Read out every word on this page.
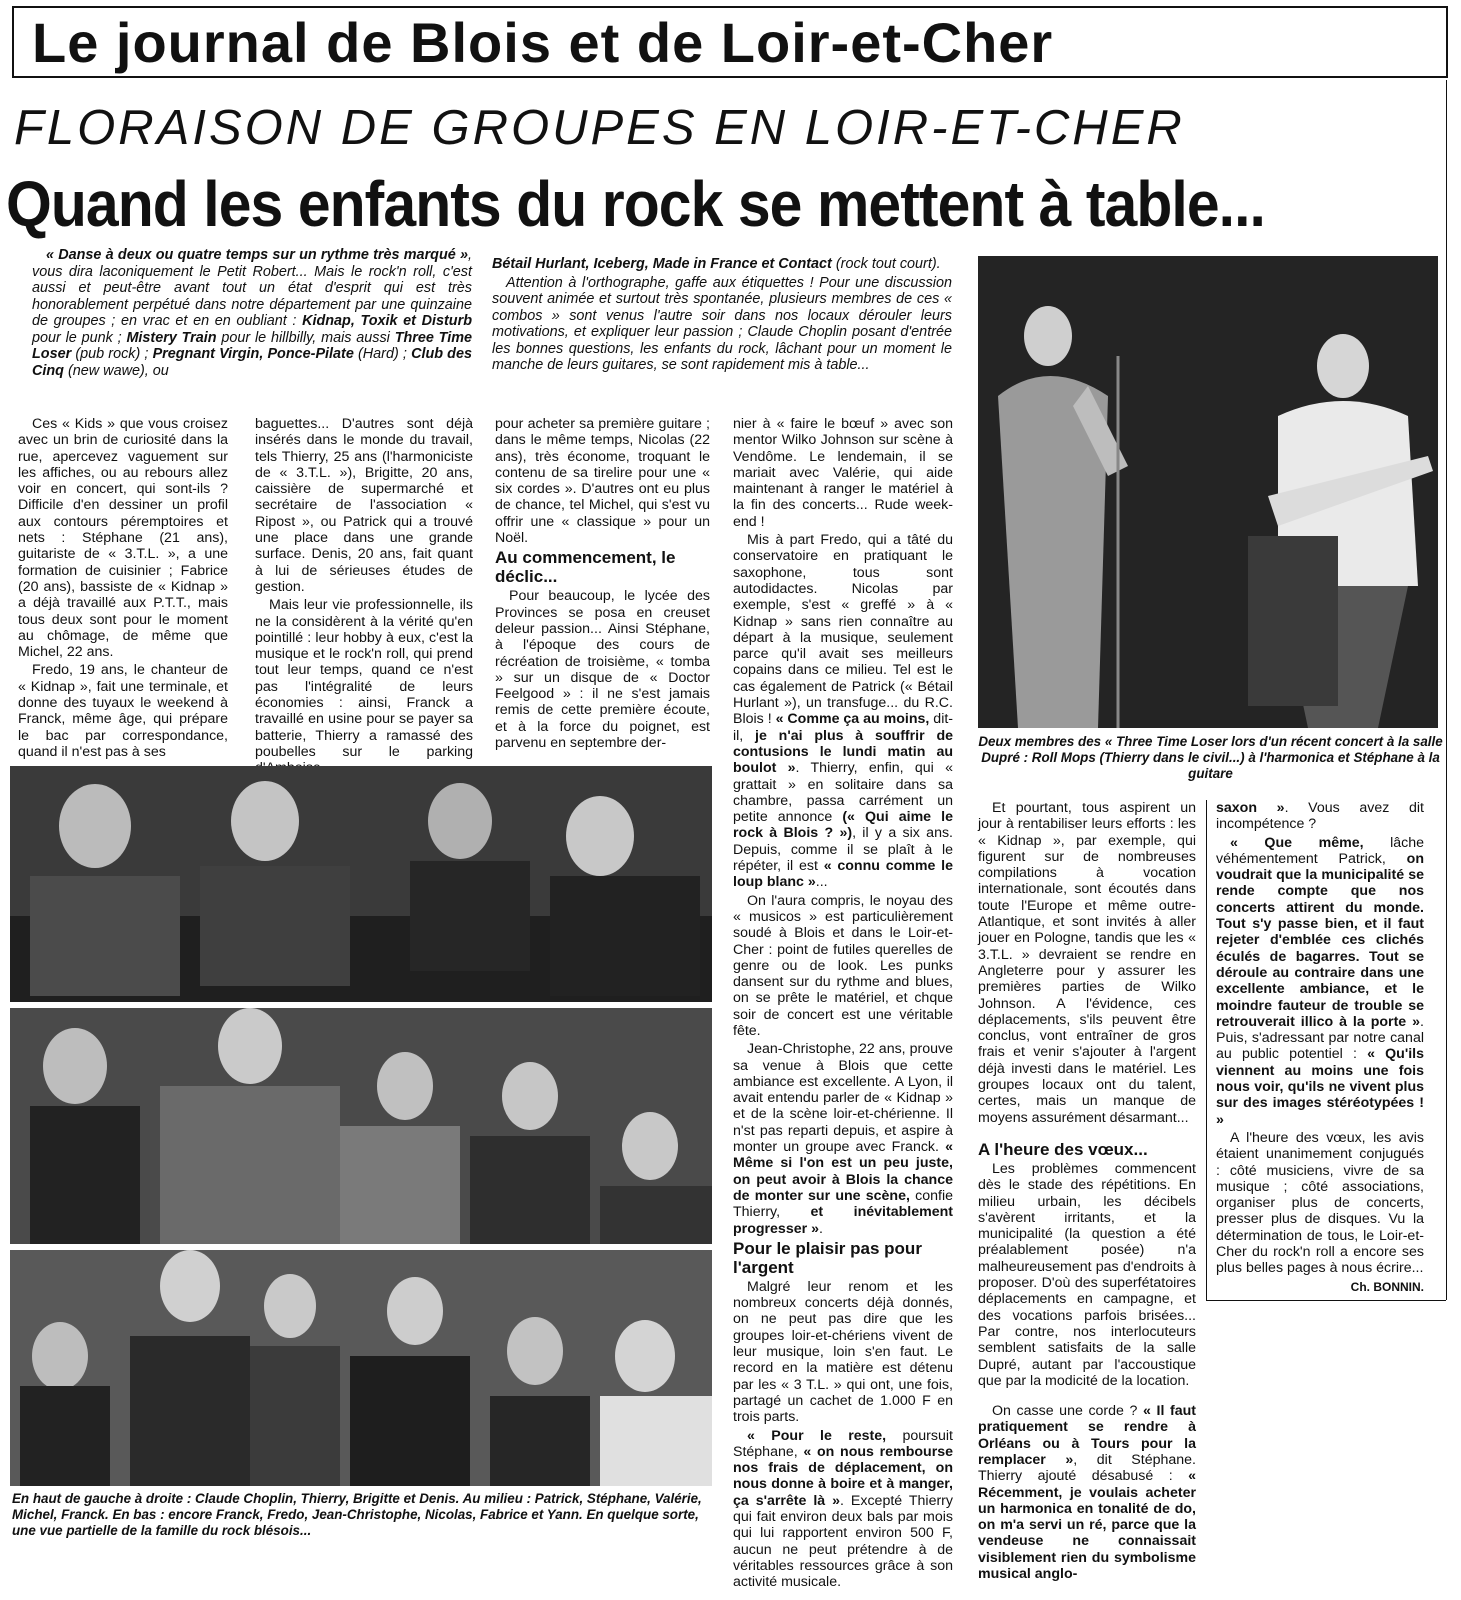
Le journal de Blois et de Loir-et-Cher
FLORAISON DE GROUPES EN LOIR-ET-CHER
Quand les enfants du rock se mettent à table...

« Danse à deux ou quatre temps sur un rythme très marqué », vous dira laconiquement le Petit Robert... Mais le rock'n roll, c'est aussi et peut-être avant tout un état d'esprit qui est très honorablement perpétué dans notre département par une quinzaine de groupes ; en vrac et en en oubliant : Kidnap, Toxik et Disturb pour le punk ; Mistery Train pour le hillbilly, mais aussi Three Time Loser (pub rock) ; Pregnant Virgin, Ponce-Pilate (Hard) ; Club des Cinq (new wawe), ou

Bétail Hurlant, Iceberg, Made in France et Contact (rock tout court).

Attention à l'orthographe, gaffe aux étiquettes ! Pour une discussion souvent animée et surtout très spontanée, plusieurs membres de ces « combos » sont venus l'autre soir dans nos locaux dérouler leurs motivations, et expliquer leur passion ; Claude Choplin posant d'entrée les bonnes questions, les enfants du rock, lâchant pour un moment le manche de leurs guitares, se sont rapidement mis à table...

Ces « Kids » que vous croisez avec un brin de curiosité dans la rue, apercevez vaguement sur les affiches, ou au rebours allez voir en concert, qui sont-ils ? Difficile d'en dessiner un profil aux contours péremptoires et nets : Stéphane (21 ans), guitariste de « 3.T.L. », a une formation de cuisinier ; Fabrice (20 ans), bassiste de « Kidnap » a déjà travaillé aux P.T.T., mais tous deux sont pour le moment au chômage, de même que Michel, 22 ans.

Fredo, 19 ans, le chanteur de « Kidnap », fait une terminale, et donne des tuyaux le weekend à Franck, même âge, qui prépare le bac par correspondance, quand il n'est pas à ses

baguettes... D'autres sont déjà insérés dans le monde du travail, tels Thierry, 25 ans (l'harmoniciste de « 3.T.L. »), Brigitte, 20 ans, caissière de supermarché et secrétaire de l'association « Ripost », ou Patrick qui a trouvé une place dans une grande surface. Denis, 20 ans, fait quant à lui de sérieuses études de gestion.

Mais leur vie professionnelle, ils ne la considèrent à la vérité qu'en pointillé : leur hobby à eux, c'est la musique et le rock'n roll, qui prend tout leur temps, quand ce n'est pas l'intégralité de leurs économies : ainsi, Franck a travaillé en usine pour se payer sa batterie, Thierry a ramassé des poubelles sur le parking

pour acheter sa première guitare ; dans le même temps, Nicolas (22 ans), très économe, troquant le contenu de sa tirelire pour une « six cordes ». D'autres ont eu plus de chance, tel Michel, qui s'est vu offrir une « classique » pour un Noël.

Au commencement, le déclic...

Pour beaucoup, le lycée des Provinces se posa en creuset deleur passion... Ainsi Stéphane, à l'époque des cours de récréation de troisième, « tomba » sur un disque de « Doctor Feelgood » : il ne s'est jamais remis de cette première écoute, et à la force du poignet, est parvenu en septembre der-

nier à « faire le bœuf » avec son mentor Wilko Johnson sur scène à Vendôme. Le lendemain, il se mariait avec Valérie, qui aide maintenant à ranger le matériel à la fin des concerts... Rude week-end !

Mis à part Fredo, qui a tâté du conservatoire en pratiquant le saxophone, tous sont autodidactes. Nicolas par exemple, s'est « greffé » à « Kidnap » sans rien connaître au départ à la musique, seulement parce qu'il avait ses meilleurs copains dans ce milieu. Tel est le cas également de Patrick (« Bétail Hurlant »), un transfuge... du R.C. Blois ! « Comme ça au moins, dit-il, je n'ai plus à souffrir de contusions le lundi matin au boulot ». Thierry, enfin, qui « grattait » en solitaire dans sa chambre, passa carrément un petite annonce (« Qui aime le rock à Blois ? »), il y a six ans. Depuis, comme il se plaît à le répéter, il est « connu comme le loup blanc »...

On l'aura compris, le noyau des « musicos » est particulièrement soudé à Blois et dans le Loir-et-Cher : point de futiles querelles de genre ou de look. Les punks dansent sur du rythme and blues, on se prête le matériel, et chque soir de concert est une véritable fête.

Jean-Christophe, 22 ans, prouve sa venue à Blois que cette ambiance est excellente. A Lyon, il avait entendu parler de « Kidnap » et de la scène loir-et-chérienne. Il n'st pas reparti depuis, et aspire à monter un groupe avec Franck. « Même si l'on est un peu juste, on peut avoir à Blois la chance de monter sur une scène, confie Thierry, et inévitablement progresser ».

Pour le plaisir pas pour l'argent

Malgré leur renom et les nombreux concerts déjà donnés, on ne peut pas dire que les groupes loir-et-chériens vivent de leur musique, loin s'en faut. Le record en la matière est détenu par les « 3 T.L. » qui ont, une fois, partagé un cachet de 1.000 F en trois parts.

« Pour le reste, poursuit Stéphane, « on nous rembourse nos frais de déplacement, on nous donne à boire et à manger, ça s'arrête là ». Excepté Thierry qui fait environ deux bals par mois qui lui rapportent environ 500 F, aucun ne peut prétendre à de véritables ressources grâce à son activité musicale.

Deux membres des « Three Time Loser lors d'un récent concert à la salle Dupré : Roll Mops (Thierry dans le civil...) à l'harmonica et Stéphane à la guitare
En haut de gauche à droite : Claude Choplin, Thierry, Brigitte et Denis. Au milieu : Patrick, Stéphane, Valérie, Michel, Franck. En bas : encore Franck, Fredo, Jean-Christophe, Nicolas, Fabrice et Yann. En quelque sorte, une vue partielle de la famille du rock blésois...

Et pourtant, tous aspirent un jour à rentabiliser leurs efforts : les « Kidnap », par exemple, qui figurent sur de nombreuses compilations à vocation internationale, sont écoutés dans toute l'Europe et même outre-Atlantique, et sont invités à aller jouer en Pologne, tandis que les « 3.T.L. » devraient se rendre en Angleterre pour y assurer les premières parties de Wilko Johnson. A l'évidence, ces déplacements, s'ils peuvent être conclus, vont entraîner de gros frais et venir s'ajouter à l'argent déjà investi dans le matériel. Les groupes locaux ont du talent, certes, mais un manque de moyens assurément désarmant...

A l'heure des vœux...

Les problèmes commencent dès le stade des répétitions. En milieu urbain, les décibels s'avèrent irritants, et la municipalité (la question a été préalablement posée) n'a malheureusement pas d'endroits à proposer. D'où des superfétatoires déplacements en campagne, et des vocations parfois brisées... Par contre, nos interlocuteurs semblent satisfaits de la salle Dupré, autant par l'accoustique que par la modicité de la location.

On casse une corde ? « Il faut pratiquement se rendre à Orléans ou à Tours pour la remplacer », dit Stéphane. Thierry ajouté désabusé : « Récemment, je voulais acheter un harmonica en tonalité de do, on m'a servi un ré, parce que la vendeuse ne connaissait visiblement rien du symbolisme musical anglo-

saxon ». Vous avez dit incompétence ?

« Que même, lâche véhémentement Patrick, on voudrait que la municipalité se rende compte que nos concerts attirent du monde. Tout s'y passe bien, et il faut rejeter d'emblée ces clichés éculés de bagarres. Tout se déroule au contraire dans une excellente ambiance, et le moindre fauteur de trouble se retrouverait illico à la porte ». Puis, s'adressant par notre canal au public potentiel : « Qu'ils viennent au moins une fois nous voir, qu'ils ne vivent plus sur des images stéréotypées ! »

A l'heure des vœux, les avis étaient unanimement conjugués : côté musiciens, vivre de sa musique ; côté associations, organiser plus de concerts, presser plus de disques. Vu la détermination de tous, le Loir-et-Cher du rock'n roll a encore ses plus belles pages à nous écrire...

Ch. BONNIN.
